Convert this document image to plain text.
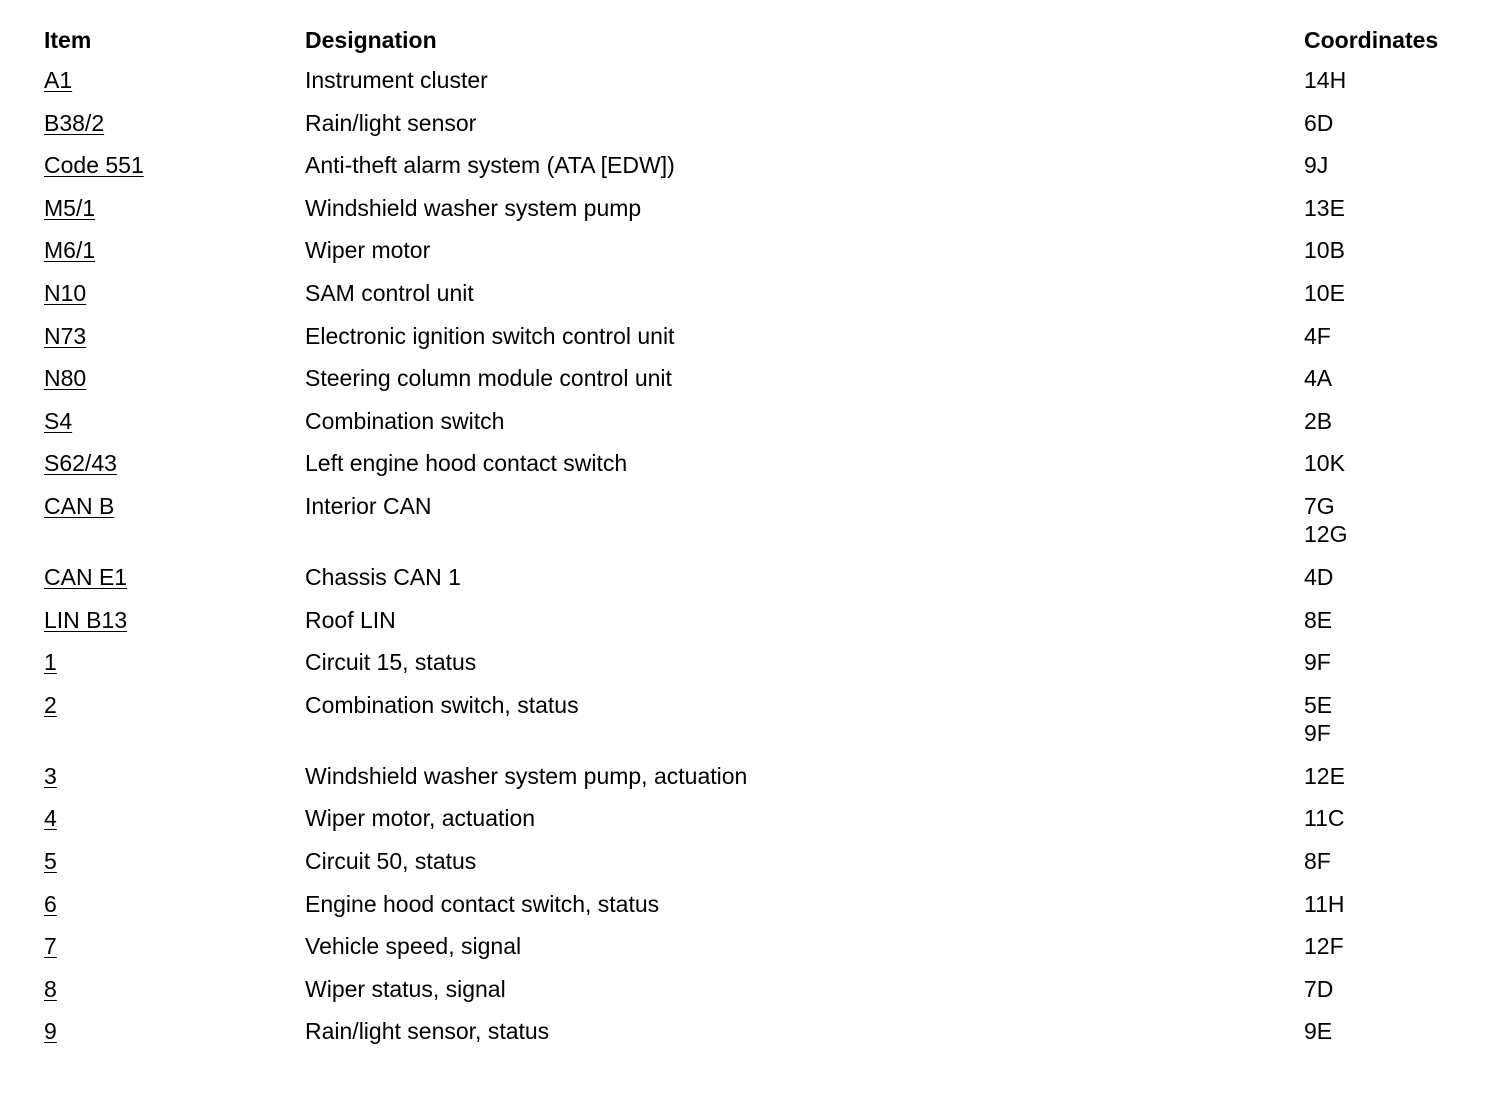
Item	Designation	Coordinates
A1	Instrument cluster	14H
B38/2	Rain/light sensor	6D
Code 551	Anti-theft alarm system (ATA [EDW])	9J
M5/1	Windshield washer system pump	13E
M6/1	Wiper motor	10B
N10	SAM control unit	10E
N73	Electronic ignition switch control unit	4F
N80	Steering column module control unit	4A
S4	Combination switch	2B
S62/43	Left engine hood contact switch	10K
CAN B	Interior CAN	7G
12G
CAN E1	Chassis CAN 1	4D
LIN B13	Roof LIN	8E
1	Circuit 15, status	9F
2	Combination switch, status	5E
9F
3	Windshield washer system pump, actuation	12E
4	Wiper motor, actuation	11C
5	Circuit 50, status	8F
6	Engine hood contact switch, status	11H
7	Vehicle speed, signal	12F
8	Wiper status, signal	7D
9	Rain/light sensor, status	9E
